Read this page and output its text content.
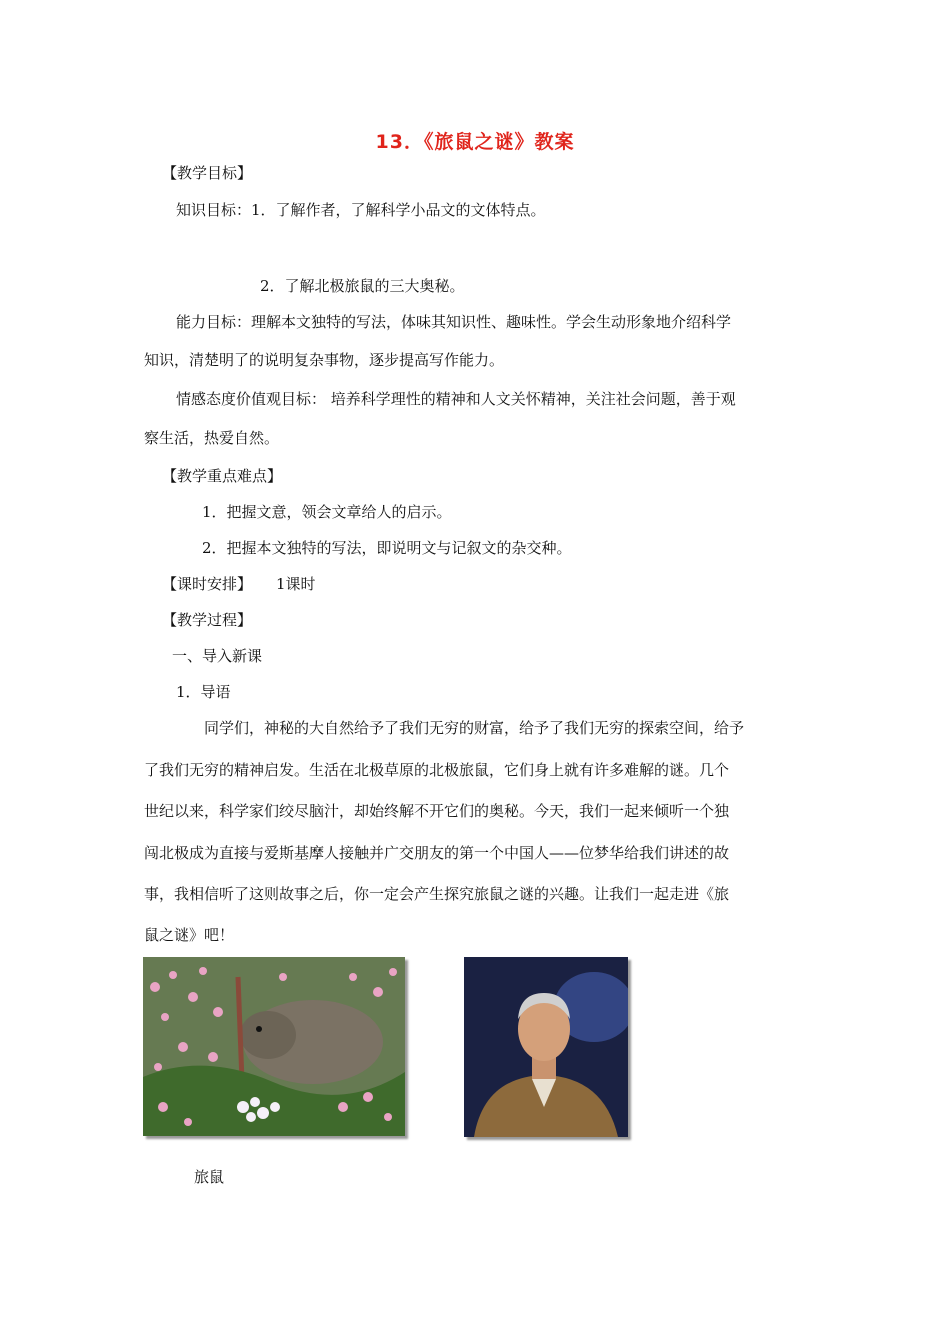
13．《旅鼠之谜》教案
【教学目标】
知识目标：1．了解作者，了解科学小品文的文体特点。
2．了解北极旅鼠的三大奥秘。
能力目标：理解本文独特的写法，体味其知识性、趣味性。学会生动形象地介绍科学
知识，清楚明了的说明复杂事物，逐步提高写作能力。
情感态度价值观目标： 培养科学理性的精神和人文关怀精神，关注社会问题，善于观
察生活，热爱自然。
【教学重点难点】
1．把握文意，领会文章给人的启示。
2．把握本文独特的写法，即说明文与记叙文的杂交种。
【课时安排】 1课时
【教学过程】
一、导入新课
1．导语
同学们，神秘的大自然给予了我们无穷的财富，给予了我们无穷的探索空间，给予
了我们无穷的精神启发。生活在北极草原的北极旅鼠，它们身上就有许多难解的谜。几个
世纪以来，科学家们绞尽脑汁，却始终解不开它们的奥秘。今天，我们一起来倾听一个独
闯北极成为直接与爱斯基摩人接触并广交朋友的第一个中国人——位梦华给我们讲述的故
事，我相信听了这则故事之后，你一定会产生探究旅鼠之谜的兴趣。让我们一起走进《旅
鼠之谜》吧！
旅鼠
